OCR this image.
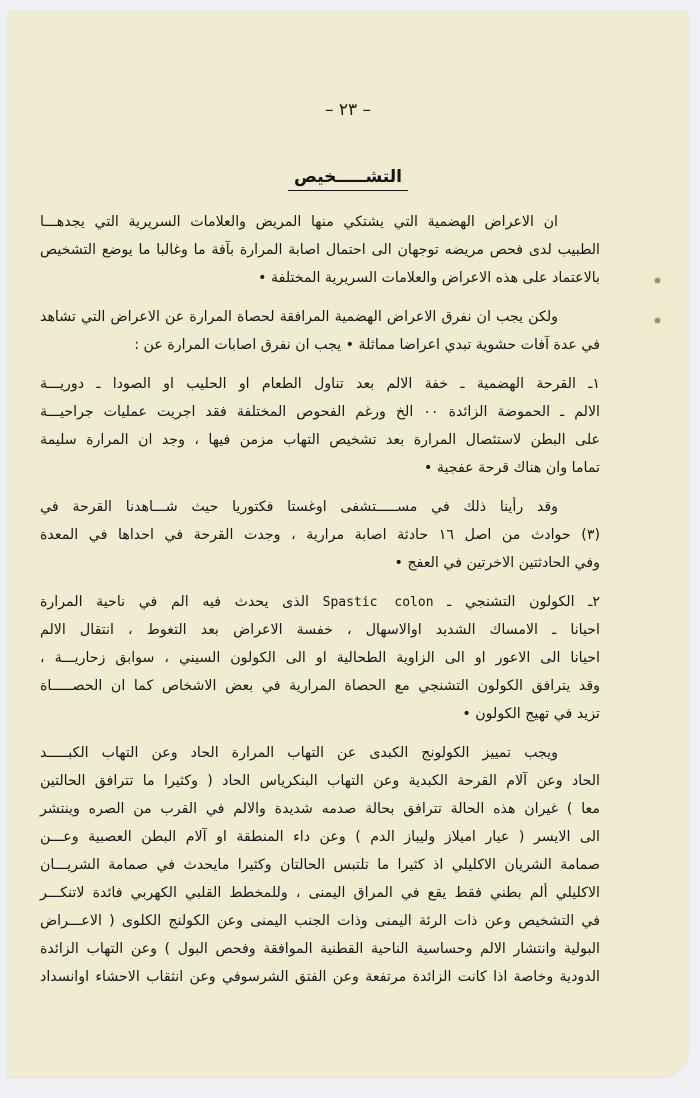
– ٢٣ –
التشـــــخيص
ان الاعراض الهضمية التي يشتكي منها المريض والعلامات السريرية التي يجدهـــا
الطبيب لدى فحص مريضه توجهان الى احتمال اصابة المرارة بآفة ما وغالبا ما يوضع التشخيص
بالاعتماد على هذه الاعراض والعلامات السريرية المختلفة •
ولكن يجب ان نفرق الاعراض الهضمية المرافقة لحصاة المرارة عن الاعراض التي تشاهد
في عدة آفات حشوية تبدي اعراضا مماثلة • يجب ان نفرق اصابات المرارة عن :
١ـ القرحة الهضمية ـ خفة الالم بعد تناول الطعام او الحليب او الصودا ـ دوريـــة
الالم ـ الحموضة الزائدة ٠٠ الخ ورغم الفحوص المختلفة فقد اجريت عمليات جراحيـــة
على البطن لاستئصال المرارة بعد تشخيص التهاب مزمن فيها ، وجد ان المرارة سليمة
تماما وان هناك قرحة عفجية •
وقد رأينا ذلك في مســـــتشفى اوغستا فكتوريا حيث شـــاهدنا القرحة في
(٣) حوادث من اصل ١٦ حادثة اصابة مرارية ، وجدت القرحة في احداها في المعدة
وفي الحادثتين الاخرتين في العفج •
٢ـ الكولون التشنجي ـ Spastic colon الذى يحدث فيه الم في ناحية المرارة
احيانا ـ الامساك الشديد اوالاسهال ، خفسة الاعراض بعد التغوط ، انتقال الالم
احيانا الى الاعور او الى الزاوية الطحالية او الى الكولون السيني ، سوابق زحاريـــة ،
وقد يترافق الكولون التشنجي مع الحصاة المرارية في بعض الاشخاص كما ان الحصـــــاة
تزيد في تهيج الكولون •
ويجب تمييز الكولونج الكبدى عن التهاب المرارة الحاد وعن التهاب الكبـــــد
الحاد وعن آلام القرحة الكبدية وعن التهاب البنكرياس الحاد ( وكثيرا ما تترافق الحالتين
معا ) غيران هذه الحالة تترافق بحالة صدمه شديدة والالم في القرب من الصره وينتشر
الى الايسر ( عيار اميلاز وليباز الدم ) وعن داء المنطقة او آلام البطن العصبية وعـــن
صمامة الشريان الاكليلي اذ كثيرا ما تلتبس الحالتان وكثيرا مايحدث في صمامة الشريـــان
الاكليلي ألم بطني فقط يقع في المراق اليمنى ، وللمخطط القلبي الكهربي فائدة لاتنكـــر
في التشخيص وعن ذات الرئة اليمنى وذات الجنب اليمنى وعن الكولنج الكلوى ( الاعـــراض
البولية وانتشار الالم وحساسية الناحية القطنية الموافقة وفحص البول ) وعن التهاب الزائدة
الدودية وخاصة اذا كانت الزائدة مرتفعة وعن الفتق الشرسوفي وعن انثقاب الاحشاء اوانسداد
